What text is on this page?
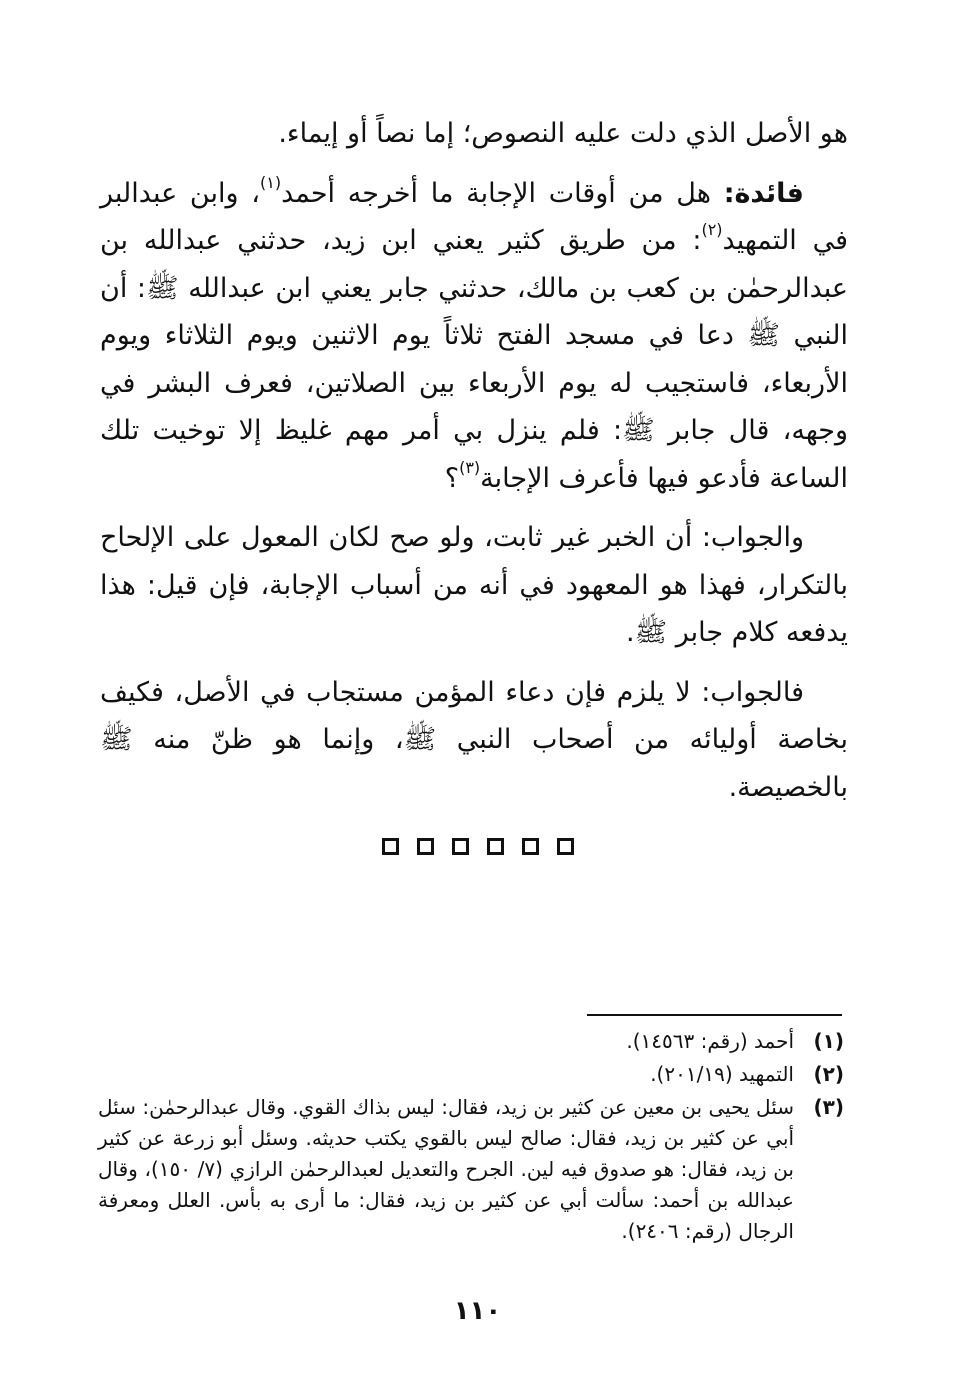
هو الأصل الذي دلت عليه النصوص؛ إما نصاً أو إيماء.

فائدة: هل من أوقات الإجابة ما أخرجه أحمد$^{(١)}$، وابن عبدالبر في التمهيد$^{(٢)}$: من طريق كثير يعني ابن زيد، حدثني عبدالله بن عبدالرحمٰن بن كعب بن مالك، حدثني جابر يعني ابن عبدالله ﷺ: أن النبي ﷺ دعا في مسجد الفتح ثلاثاً يوم الاثنين ويوم الثلاثاء ويوم الأربعاء، فاستجيب له يوم الأربعاء بين الصلاتين، فعرف البشر في وجهه، قال جابر ﷺ: فلم ينزل بي أمر مهم غليظ إلا توخيت تلك الساعة فأدعو فيها فأعرف الإجابة$^{(٣)}$؟

والجواب: أن الخبر غير ثابت، ولو صح لكان المعول على الإلحاح بالتكرار، فهذا هو المعهود في أنه من أسباب الإجابة، فإن قيل: هذا يدفعه كلام جابر ﷺ.

فالجواب: لا يلزم فإن دعاء المؤمن مستجاب في الأصل، فكيف بخاصة أوليائه من أصحاب النبي ﷺ، وإنما هو ظنّ منه ﷺ بالخصيصة.

(١)
أحمد (رقم: ١٤٥٦٣).
(٢)
التمهيد (٢٠١/١٩).
(٣)
سئل يحيى بن معين عن كثير بن زيد، فقال: ليس بذاك القوي. وقال عبدالرحمٰن: سئل أبي عن كثير بن زيد، فقال: صالح ليس بالقوي يكتب حديثه. وسئل أبو زرعة عن كثير بن زيد، فقال: هو صدوق فيه لين. الجرح والتعديل لعبدالرحمٰن الرازي (٧/ ١٥٠)، وقال عبدالله بن أحمد: سألت أبي عن كثير بن زيد، فقال: ما أرى به بأس. العلل ومعرفة الرجال (رقم: ٢٤٠٦).
١١٠
